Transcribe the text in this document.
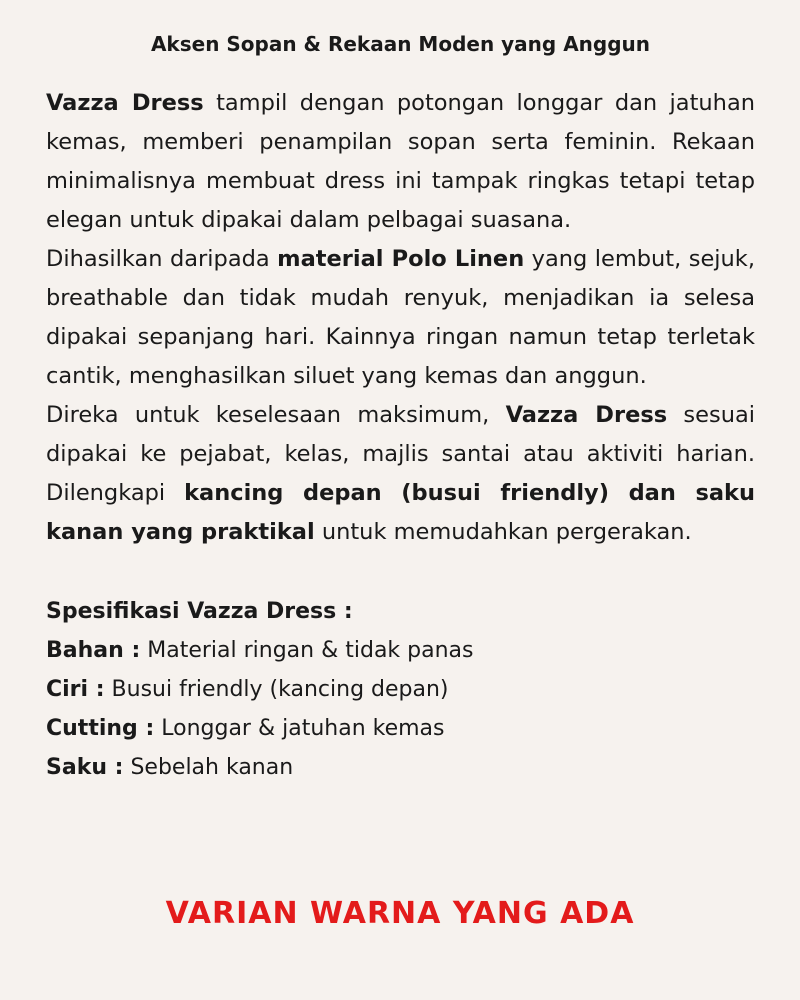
Aksen Sopan & Rekaan Moden yang Anggun

Vazza Dress tampil dengan potongan longgar dan jatuhan kemas, memberi penampilan sopan serta feminin. Rekaan minimalisnya membuat dress ini tampak ringkas tetapi tetap elegan untuk dipakai dalam pelbagai suasana.

Dihasilkan daripada material Polo Linen yang lembut, sejuk, breathable dan tidak mudah renyuk, menjadikan ia selesa dipakai sepanjang hari. Kainnya ringan namun tetap terletak cantik, menghasilkan siluet yang kemas dan anggun.

Direka untuk keselesaan maksimum, Vazza Dress sesuai dipakai ke pejabat, kelas, majlis santai atau aktiviti harian. Dilengkapi kancing depan (busui friendly) dan saku kanan yang praktikal untuk memudahkan pergerakan.

Spesifikasi Vazza Dress :
Bahan : Material ringan & tidak panas
Ciri : Busui friendly (kancing depan)
Cutting : Longgar & jatuhan kemas
Saku : Sebelah kanan
VARIAN WARNA YANG ADA
